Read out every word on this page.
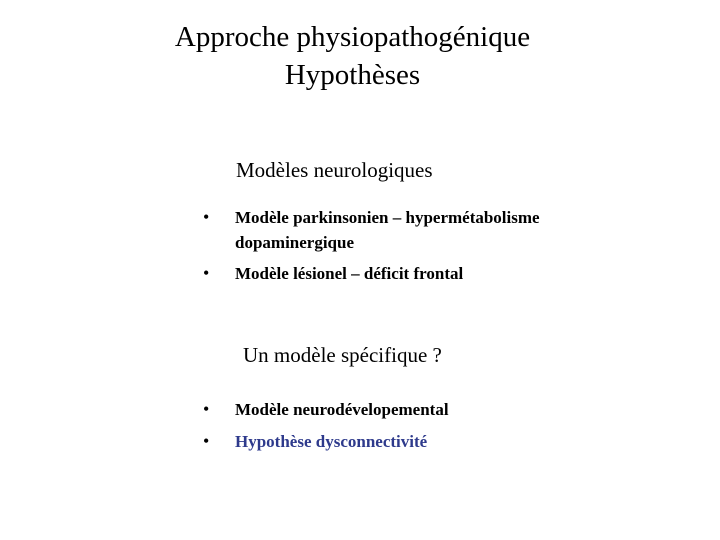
Approche physiopathogénique
Hypothèses
Modèles neurologiques
•	Modèle parkinsonien – hypermétabolisme dopaminergique
•	Modèle lésionel – déficit frontal
Un modèle spécifique ?
•	Modèle neurodévelopemental
•	Hypothèse dysconnectivité
